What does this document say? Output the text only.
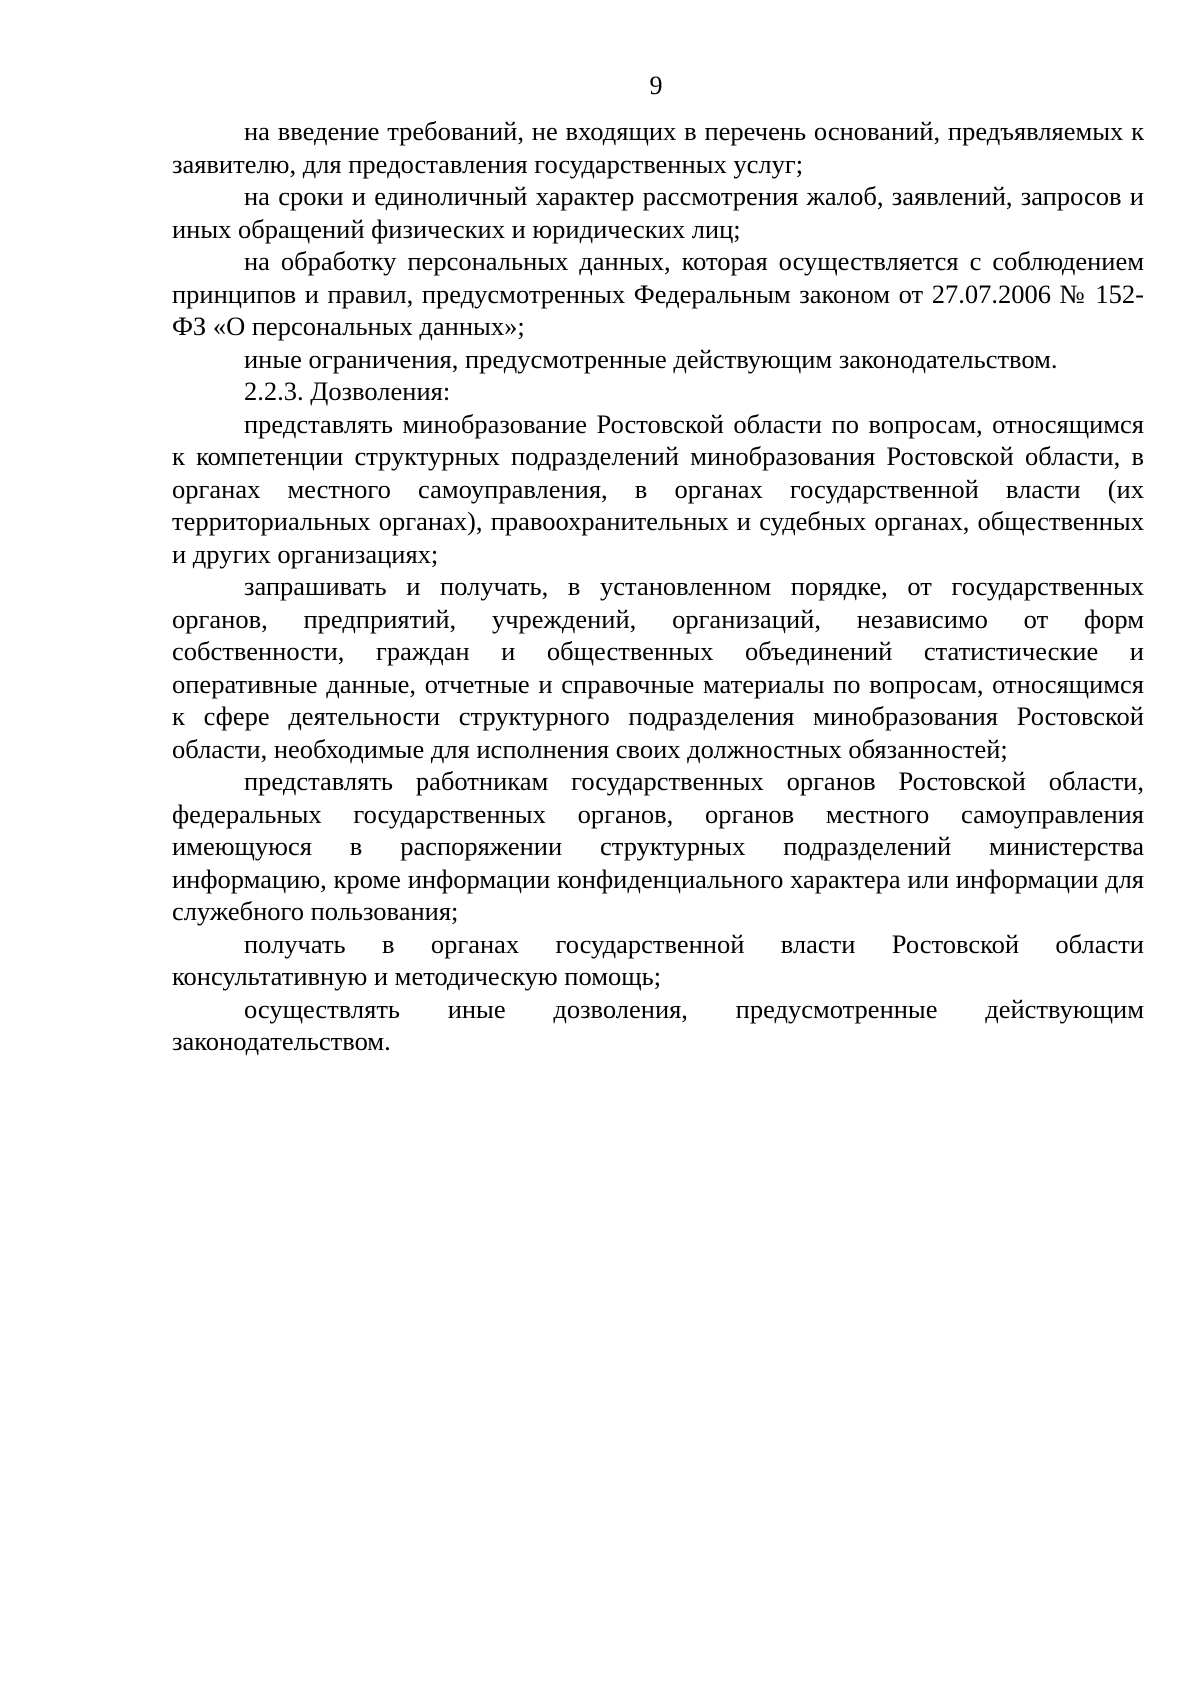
9

на введение требований, не входящих в перечень оснований, предъявляемых к заявителю, для предоставления государственных услуг;

на сроки и единоличный характер рассмотрения жалоб, заявлений, запросов и иных обращений физических и юридических лиц;

на обработку персональных данных, которая осуществляется с соблюдением принципов и правил, предусмотренных Федеральным законом от 27.07.2006 № 152-ФЗ «О персональных данных»;

иные ограничения, предусмотренные действующим законодательством.

2.2.3. Дозволения:

представлять минобразование Ростовской области по вопросам, относящимся к компетенции структурных подразделений минобразования Ростовской области, в органах местного самоуправления, в органах государственной власти (их территориальных органах), правоохранительных и судебных органах, общественных и других организациях;

запрашивать и получать, в установленном порядке, от государственных органов, предприятий, учреждений, организаций, независимо от форм собственности, граждан и общественных объединений статистические и оперативные данные, отчетные и справочные материалы по вопросам, относящимся к сфере деятельности структурного подразделения минобразования Ростовской области, необходимые для исполнения своих должностных обязанностей;

представлять работникам государственных органов Ростовской области, федеральных государственных органов, органов местного самоуправления имеющуюся в распоряжении структурных подразделений министерства информацию, кроме информации конфиденциального характера или информации для служебного пользования;

получать в органах государственной власти Ростовской области консультативную и методическую помощь;

осуществлять иные дозволения, предусмотренные действующим законодательством.
